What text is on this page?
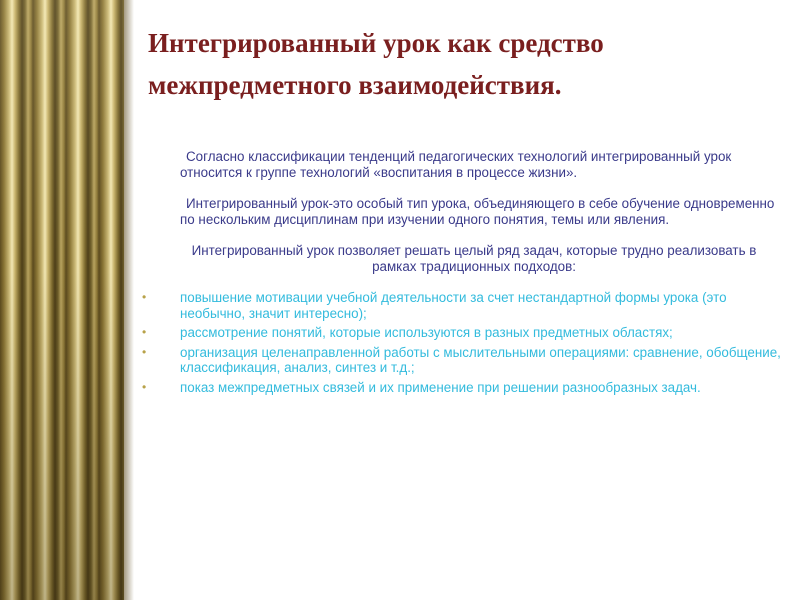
Интегрированный урок как средство
межпредметного взаимодействия.

Согласно классификации тенденций педагогических технологий интегрированный урок относится к группе технологий «воспитания в процессе жизни».

Интегрированный урок-это особый тип урока, объединяющего в себе обучение одновременно по нескольким дисциплинам при изучении одного понятия, темы или явления.

Интегрированный урок позволяет решать целый ряд задач, которые трудно реализовать в рамках традиционных подходов:

•	повышение мотивации учебной деятельности за счет нестандартной формы урока (это необычно, значит интересно);
•	рассмотрение понятий, которые используются в разных предметных областях;
•	организация целенаправленной работы с мыслительными операциями: сравнение, обобщение, классификация, анализ, синтез и т.д.;
•	показ межпредметных связей и их применение при решении разнообразных задач.
